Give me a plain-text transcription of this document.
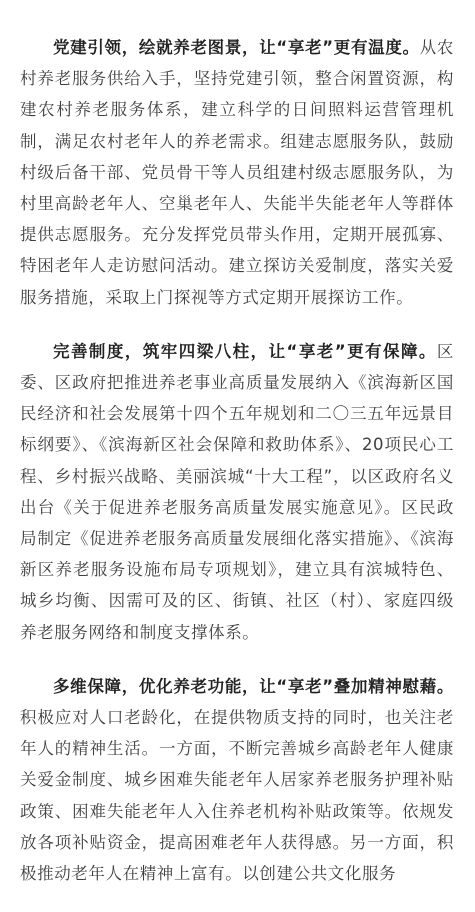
党建引领，绘就养老图景，让“享老”更有温度。从农村养老服务供给入手，坚持党建引领，整合闲置资源，构建农村养老服务体系，建立科学的日间照料运营管理机制，满足农村老年人的养老需求。组建志愿服务队，鼓励村级后备干部、党员骨干等人员组建村级志愿服务队，为村里高龄老年人、空巢老年人、失能半失能老年人等群体提供志愿服务。充分发挥党员带头作用，定期开展孤寡、特困老年人走访慰问活动。建立探访关爱制度，落实关爱服务措施，采取上门探视等方式定期开展探访工作。

完善制度，筑牢四梁八柱，让“享老”更有保障。区委、区政府把推进养老事业高质量发展纳入《滨海新区国民经济和社会发展第十四个五年规划和二〇三五年远景目标纲要》、《滨海新区社会保障和救助体系》、20项民心工程、乡村振兴战略、美丽滨城“十大工程”，以区政府名义出台《关于促进养老服务高质量发展实施意见》。区民政局制定《促进养老服务高质量发展细化落实措施》、《滨海新区养老服务设施布局专项规划》，建立具有滨城特色、城乡均衡、因需可及的区、街镇、社区（村）、家庭四级养老服务网络和制度支撑体系。

多维保障，优化养老功能，让“享老”叠加精神慰藉。积极应对人口老龄化，在提供物质支持的同时，也关注老年人的精神生活。一方面，不断完善城乡高龄老年人健康关爱金制度、城乡困难失能老年人居家养老服务护理补贴政策、困难失能老年人入住养老机构补贴政策等。依规发放各项补贴资金，提高困难老年人获得感。另一方面，积极推动老年人在精神上富有。以创建公共文化服务
